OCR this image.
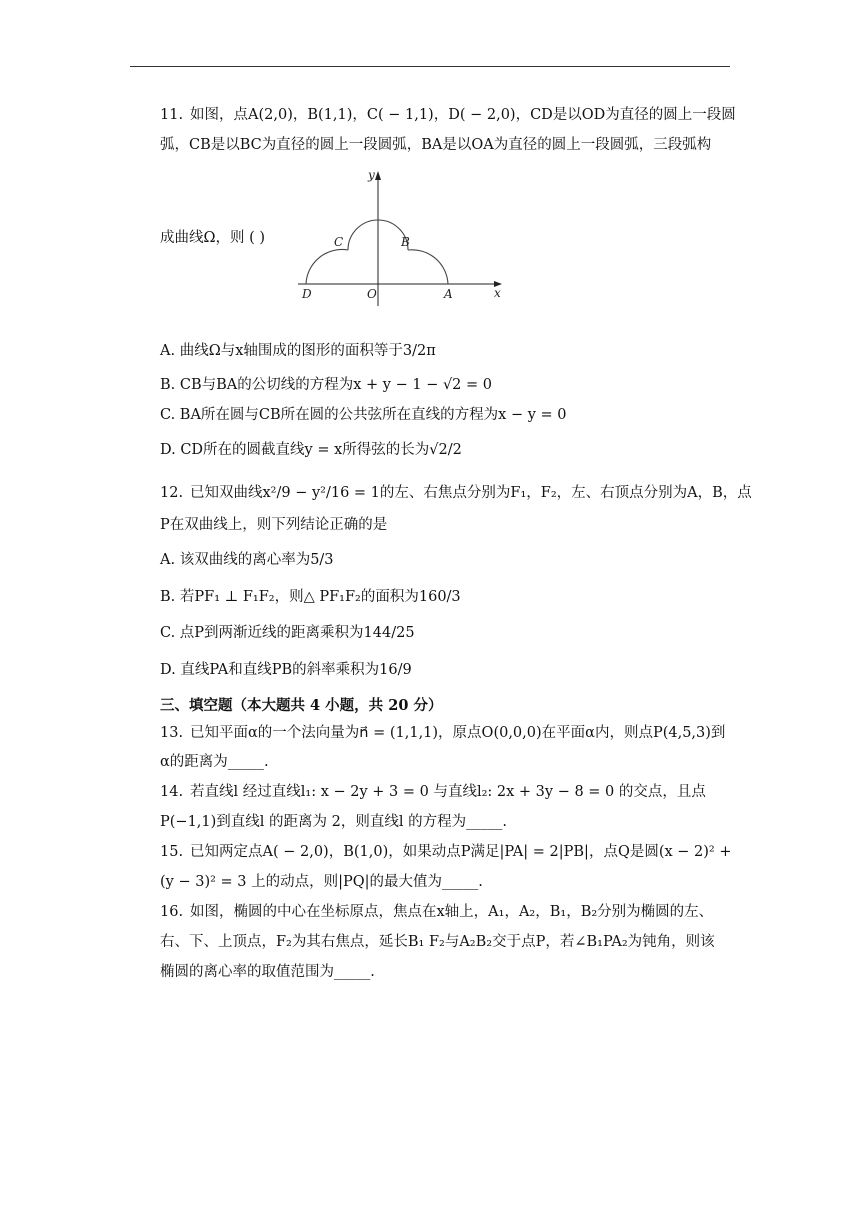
11. 如图，点A(2,0)，B(1,1)，C( − 1,1)，D( − 2,0)，CD是以OD为直径的圆上一段圆
弧，CB是以BC为直径的圆上一段圆弧，BA是以OA为直径的圆上一段圆弧，三段弧构
成曲线Ω，则 ( )
y
x
O	A
D
C	B
A. 曲线Ω与x轴围成的图形的面积等于3/2π
B. CB与BA的公切线的方程为x + y − 1 − √2 = 0
C. BA所在圆与CB所在圆的公共弦所在直线的方程为x − y = 0
D. CD所在的圆截直线y = x所得弦的长为√2/2
12. 已知双曲线x²/9 − y²/16 = 1的左、右焦点分别为F₁，F₂，左、右顶点分别为A，B，点
P在双曲线上，则下列结论正确的是
A. 该双曲线的离心率为5/3
B. 若PF₁ ⊥ F₁F₂，则△ PF₁F₂的面积为160/3
C. 点P到两渐近线的距离乘积为144/25
D. 直线PA和直线PB的斜率乘积为16/9
三、填空题（本大题共 4 小题，共 20 分）
13. 已知平面α的一个法向量为n⃗ = (1,1,1)，原点O(0,0,0)在平面α内，则点P(4,5,3)到
α的距离为_____.
14. 若直线l 经过直线l₁: x − 2y + 3 = 0 与直线l₂: 2x + 3y − 8 = 0 的交点，且点
P(−1,1)到直线l 的距离为 2，则直线l 的方程为_____.
15. 已知两定点A( − 2,0)，B(1,0)，如果动点P满足|PA| = 2|PB|，点Q是圆(x − 2)² +
(y − 3)² = 3 上的动点，则|PQ|的最大值为_____.
16. 如图，椭圆的中心在坐标原点，焦点在x轴上，A₁，A₂，B₁，B₂分别为椭圆的左、
右、下、上顶点，F₂为其右焦点，延长B₁ F₂与A₂B₂交于点P，若∠B₁PA₂为钝角，则该
椭圆的离心率的取值范围为_____.
